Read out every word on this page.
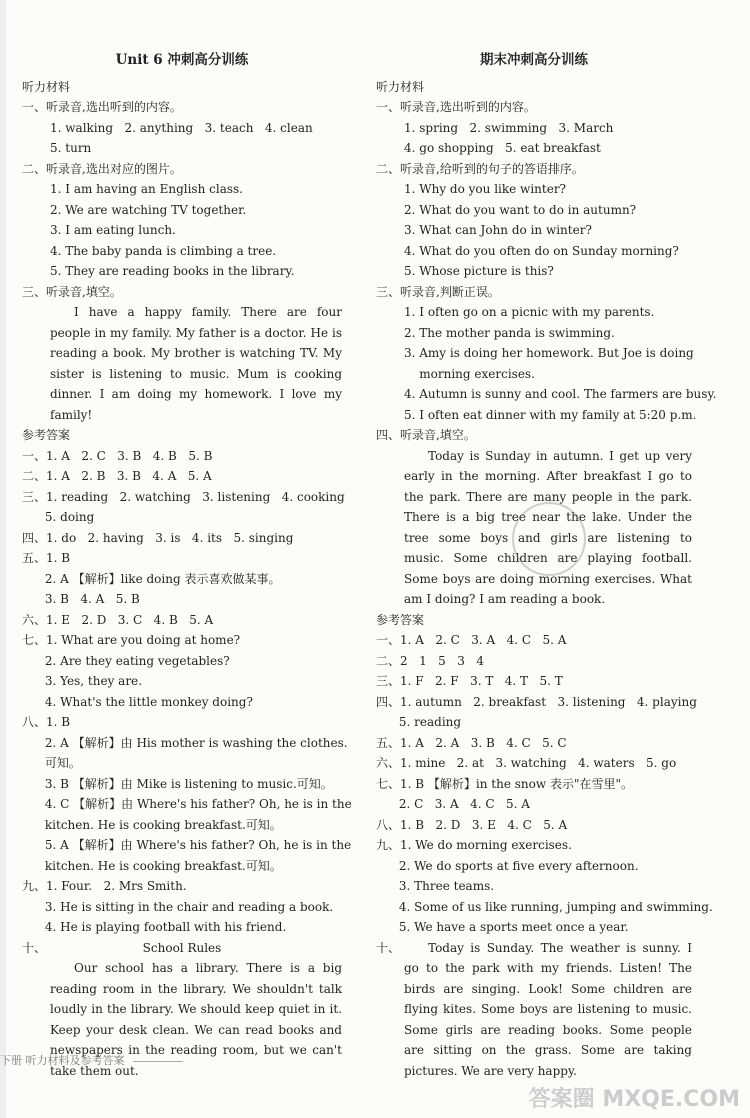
Unit 6 冲刺高分训练
听力材料
一、听录音,选出听到的内容。
1. walking   2. anything   3. teach   4. clean
5. turn
二、听录音,选出对应的图片。
1. I am having an English class.
2. We are watching TV together.
3. I am eating lunch.
4. The baby panda is climbing a tree.
5. They are reading books in the library.
三、听录音,填空。
I have a happy family. There are four people in my family. My father is a doctor. He is reading a book. My brother is watching TV. My sister is listening to music. Mum is cooking dinner. I am doing my homework. I love my family!
参考答案
一、1. A   2. C   3. B   4. B   5. B
二、1. A   2. B   3. B   4. A   5. A
三、1. reading   2. watching   3. listening   4. cooking
5. doing
四、1. do   2. having   3. is   4. its   5. singing
五、1. B
2. A 【解析】like doing 表示喜欢做某事。
3. B   4. A   5. B
六、1. E   2. D   3. C   4. B   5. A
七、1. What are you doing at home?
2. Are they eating vegetables?
3. Yes, they are.
4. What's the little monkey doing?
八、1. B
2. A 【解析】由 His mother is washing the clothes.
可知。
3. B 【解析】由 Mike is listening to music.可知。
4. C 【解析】由 Where's his father? Oh, he is in the
kitchen. He is cooking breakfast.可知。
5. A 【解析】由 Where's his father? Oh, he is in the
kitchen. He is cooking breakfast.可知。
九、1. Four.   2. Mrs Smith.
3. He is sitting in the chair and reading a book.
4. He is playing football with his friend.
十、	School Rules
Our school has a library. There is a big reading room in the library. We shouldn't talk loudly in the library. We should keep quiet in it. Keep your desk clean. We can read books and newspapers in the reading room, but we can't take them out.
期末冲刺高分训练
听力材料
一、听录音,选出听到的内容。
1. spring   2. swimming   3. March
4. go shopping   5. eat breakfast
二、听录音,给听到的句子的答语排序。
1. Why do you like winter?
2. What do you want to do in autumn?
3. What can John do in winter?
4. What do you often do on Sunday morning?
5. Whose picture is this?
三、听录音,判断正误。
1. I often go on a picnic with my parents.
2. The mother panda is swimming.
3. Amy is doing her homework. But Joe is doing
morning exercises.
4. Autumn is sunny and cool. The farmers are busy.
5. I often eat dinner with my family at 5:20 p.m.
四、听录音,填空。
Today is Sunday in autumn. I get up very early in the morning. After breakfast I go to the park. There are many people in the park. There is a big tree near the lake. Under the tree some boys and girls are listening to music. Some children are playing football. Some boys are doing morning exercises. What am I doing? I am reading a book.
参考答案
一、1. A   2. C   3. A   4. C   5. A
二、2   1   5   3   4
三、1. F   2. F   3. T   4. T   5. T
四、1. autumn   2. breakfast   3. listening   4. playing
5. reading
五、1. A   2. A   3. B   4. C   5. C
六、1. mine   2. at   3. watching   4. waters   5. go
七、1. B 【解析】in the snow 表示"在雪里"。
2. C   3. A   4. C   5. A
八、1. B   2. D   3. E   4. C   5. A
九、1. We do morning exercises.
2. We do sports at five every afternoon.
3. Three teams.
4. Some of us like running, jumping and swimming.
5. We have a sports meet once a year.
十、	Today is Sunday. The weather is sunny. I go to the park with my friends. Listen! The birds are singing. Look! Some children are flying kites. Some boys are listening to music. Some girls are reading books. Some people are sitting on the grass. Some are taking pictures. We are very happy.
下册 听力材料及参考答案
答案圈 MXQE.COM
